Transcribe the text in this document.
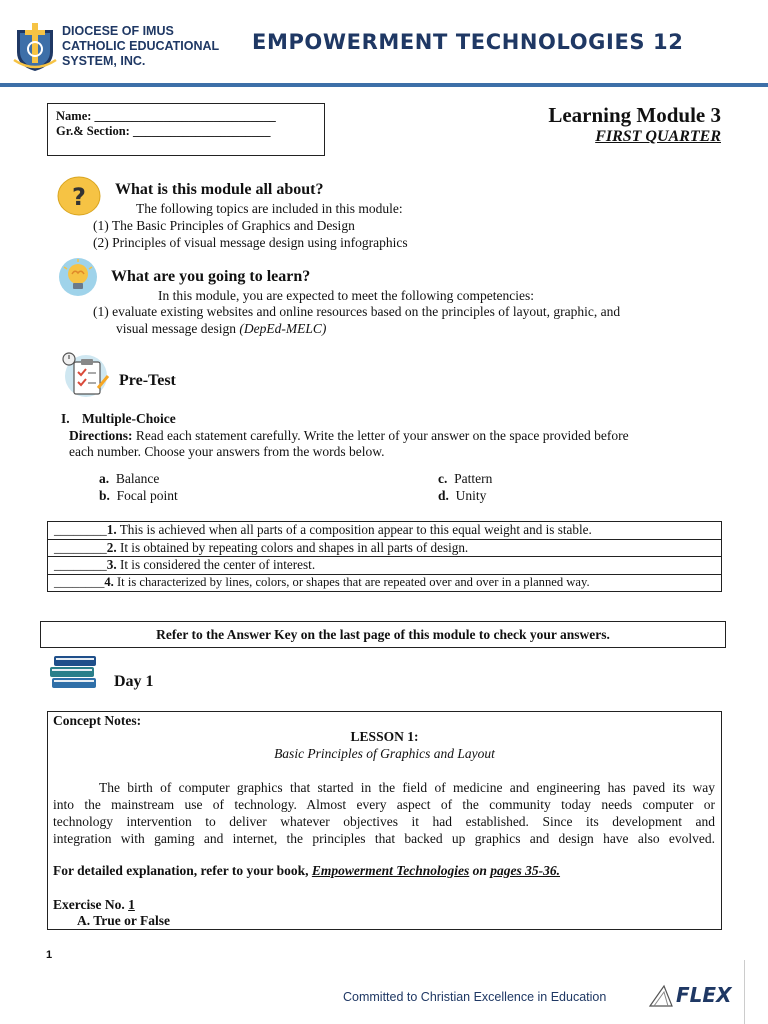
DIOCESE OF IMUS
CATHOLIC EDUCATIONAL
SYSTEM, INC.
EMPOWERMENT TECHNOLOGIES 12
Name: _____________________________
Gr.& Section: ______________________
Learning Module 3
FIRST QUARTER
? What is this module all about?
The following topics are included in this module:
(1) The Basic Principles of Graphics and Design
(2) Principles of visual message design using infographics
What are you going to learn?
In this module, you are expected to meet the following competencies:
(1) evaluate existing websites and online resources based on the principles of layout, graphic, and
visual message design (DepEd-MELC)
Pre-Test
I. Multiple-Choice
Directions: Read each statement carefully. Write the letter of your answer on the space provided before
each number. Choose your answers from the words below.
a. Balance
b. Focal point
c. Pattern
d. Unity
________1. This is achieved when all parts of a composition appear to this equal weight and is stable.
________2. It is obtained by repeating colors and shapes in all parts of design.
________3. It is considered the center of interest.
________4. It is characterized by lines, colors, or shapes that are repeated over and over in a planned way.
Refer to the Answer Key on the last page of this module to check your answers.
Day 1
Concept Notes:
LESSON 1:
Basic Principles of Graphics and Layout
The birth of computer graphics that started in the field of medicine and engineering has paved its way
into the mainstream use of technology. Almost every aspect of the community today needs computer or
technology intervention to deliver whatever objectives it had established. Since its development and
integration with gaming and internet, the principles that backed up graphics and design have also evolved.
For detailed explanation, refer to your book, Empowerment Technologies on pages 35-36.
Exercise No. 1
A. True or False
1
Committed to Christian Excellence in Education	FLEX
